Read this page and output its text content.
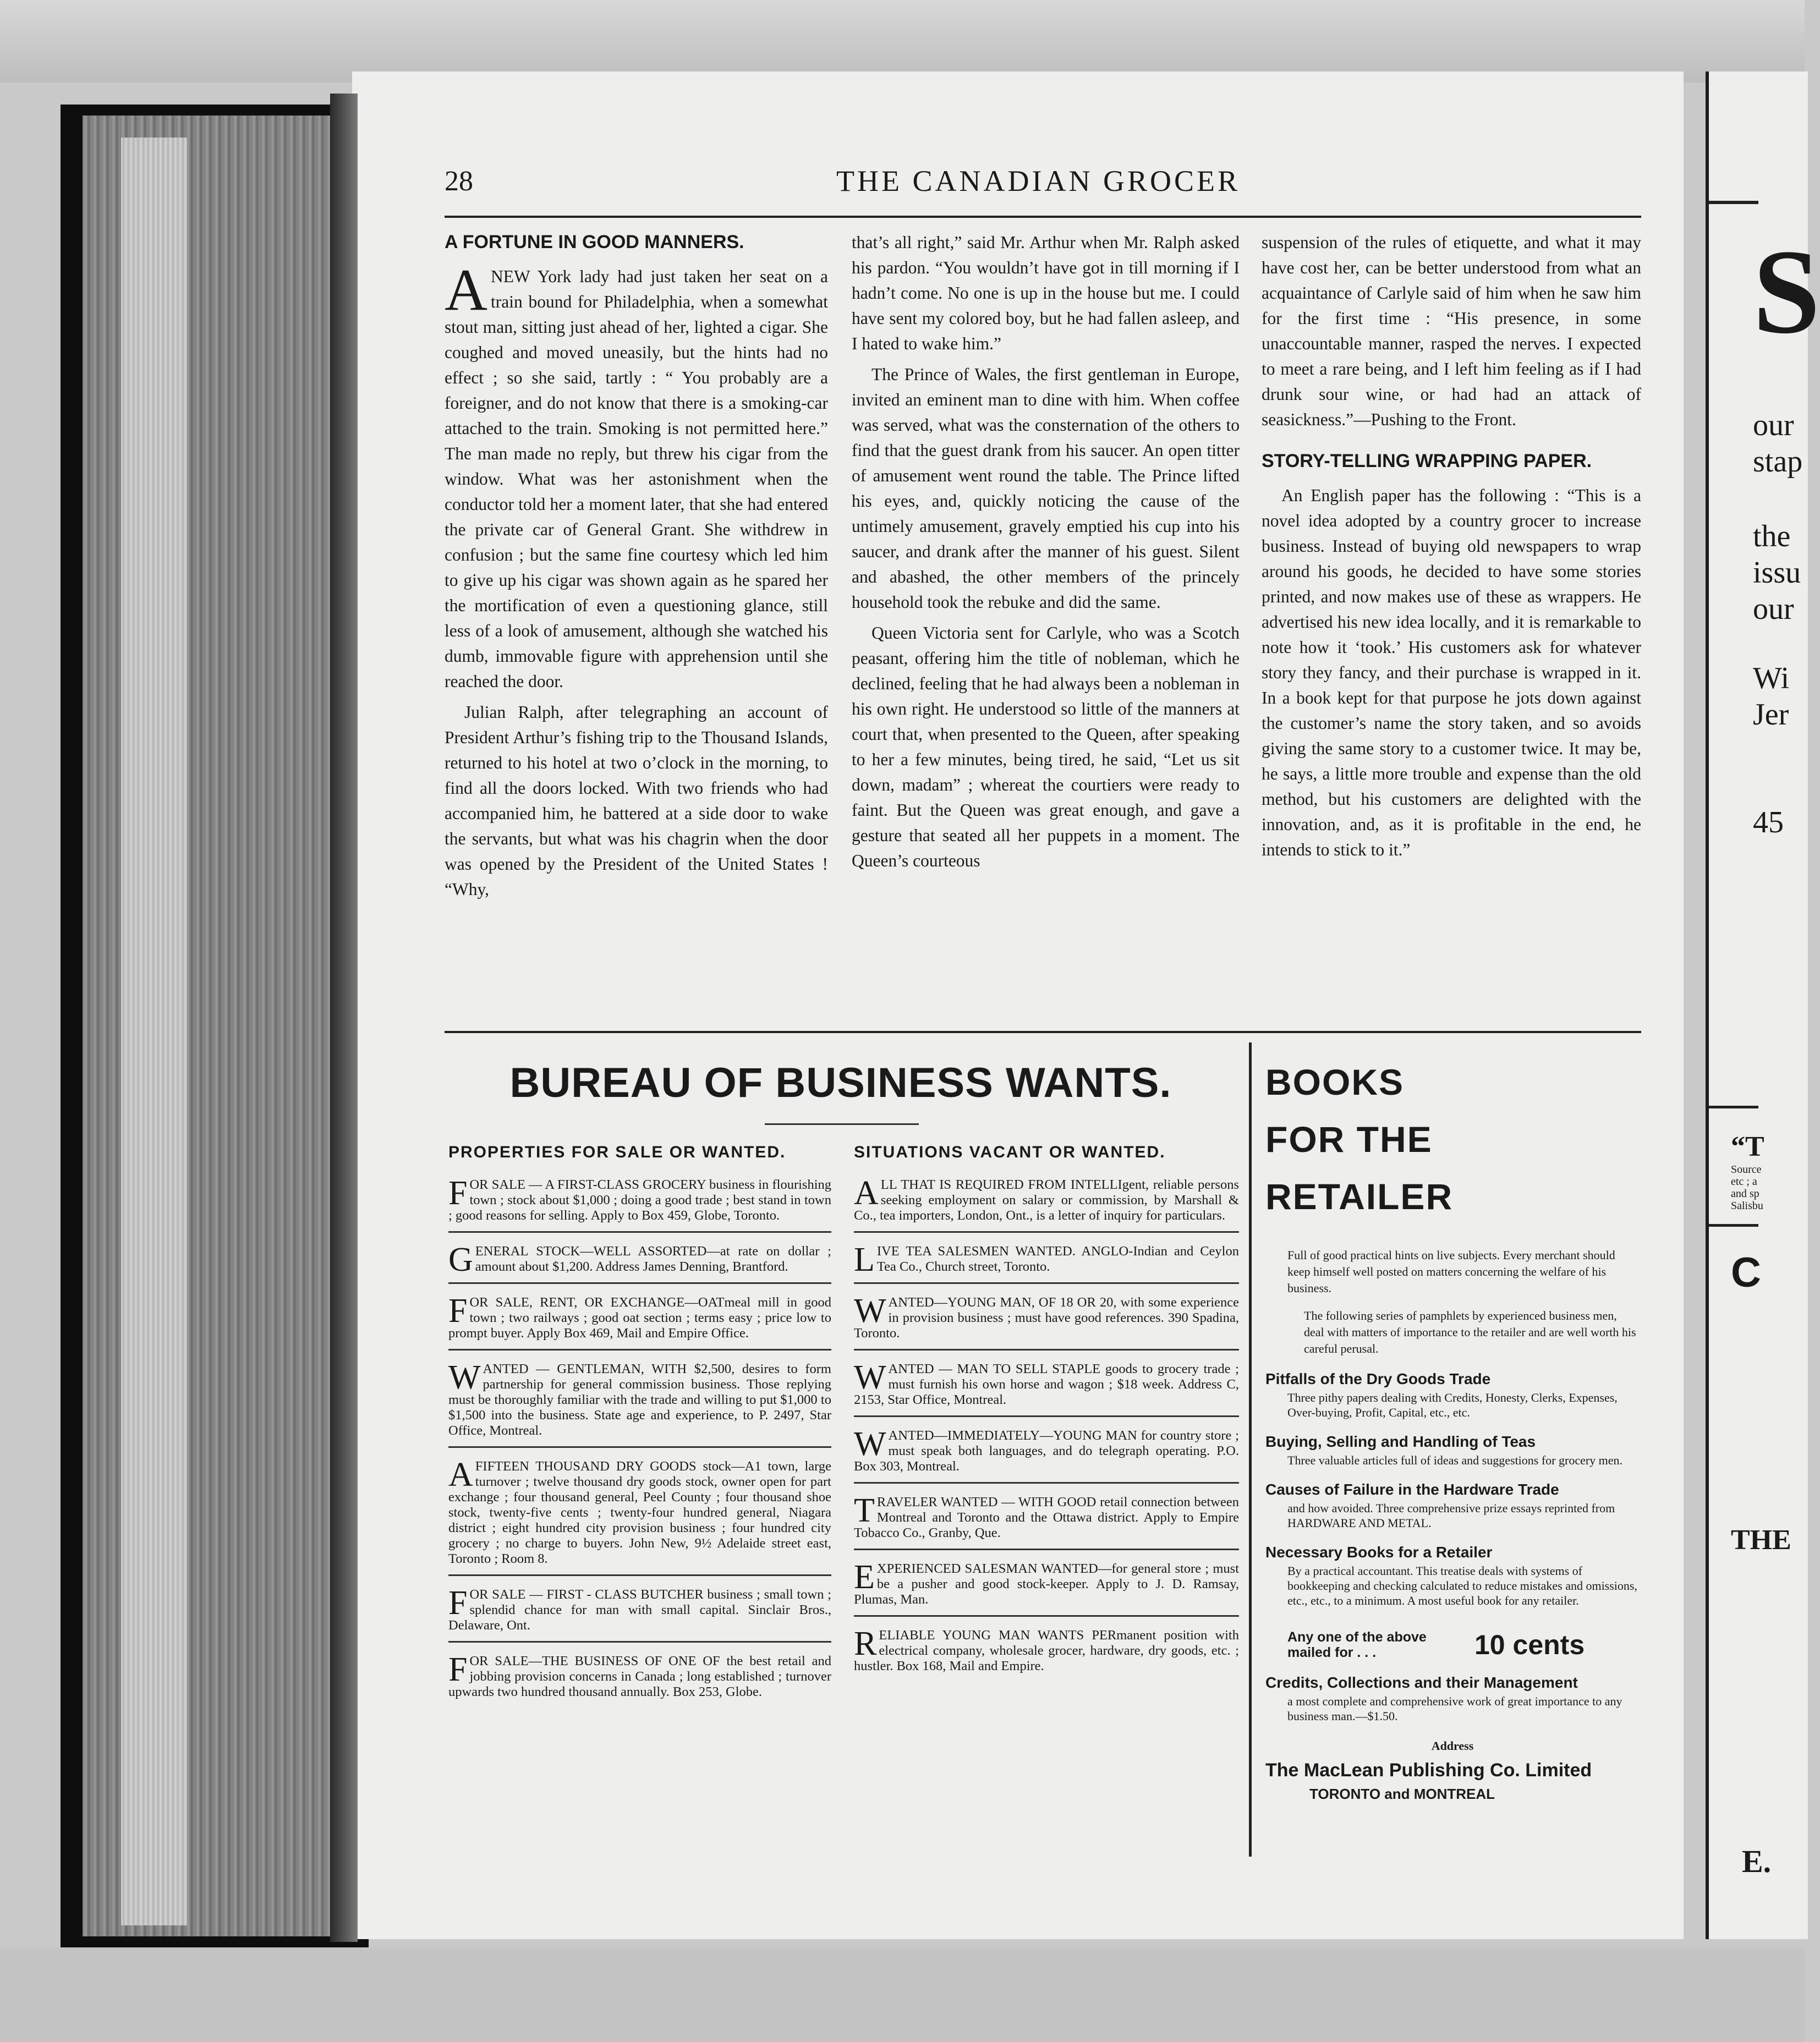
28	THE CANADIAN GROCER
A FORTUNE IN GOOD MANNERS.

ANEW York lady had just taken her seat on a train bound for Philadelphia, when a somewhat stout man, sitting just ahead of her, lighted a cigar. She coughed and moved uneasily, but the hints had no effect ; so she said, tartly : “ You probably are a foreigner, and do not know that there is a smoking-car attached to the train. Smoking is not permitted here.” The man made no reply, but threw his cigar from the window. What was her astonishment when the conductor told her a moment later, that she had entered the private car of General Grant. She withdrew in confusion ; but the same fine courtesy which led him to give up his cigar was shown again as he spared her the mortification of even a questioning glance, still less of a look of amusement, although she watched his dumb, immovable figure with apprehension until she reached the door.

Julian Ralph, after telegraphing an account of President Arthur’s fishing trip to the Thousand Islands, returned to his hotel at two o’clock in the morning, to find all the doors locked. With two friends who had accompanied him, he battered at a side door to wake the servants, but what was his chagrin when the door was opened by the President of the United States ! “Why,

that’s all right,” said Mr. Arthur when Mr. Ralph asked his pardon. “You wouldn’t have got in till morning if I hadn’t come. No one is up in the house but me. I could have sent my colored boy, but he had fallen asleep, and I hated to wake him.”

The Prince of Wales, the first gentleman in Europe, invited an eminent man to dine with him. When coffee was served, what was the consternation of the others to find that the guest drank from his saucer. An open titter of amusement went round the table. The Prince lifted his eyes, and, quickly noticing the cause of the untimely amusement, gravely emptied his cup into his saucer, and drank after the manner of his guest. Silent and abashed, the other members of the princely household took the rebuke and did the same.

Queen Victoria sent for Carlyle, who was a Scotch peasant, offering him the title of nobleman, which he declined, feeling that he had always been a nobleman in his own right. He understood so little of the manners at court that, when presented to the Queen, after speaking to her a few minutes, being tired, he said, “Let us sit down, madam” ; whereat the courtiers were ready to faint. But the Queen was great enough, and gave a gesture that seated all her puppets in a moment. The Queen’s courteous

suspension of the rules of etiquette, and what it may have cost her, can be better understood from what an acquaintance of Carlyle said of him when he saw him for the first time : “His presence, in some unaccountable manner, rasped the nerves. I expected to meet a rare being, and I left him feeling as if I had drunk sour wine, or had had an attack of seasickness.”—Pushing to the Front.

STORY-TELLING WRAPPING PAPER.

An English paper has the following : “This is a novel idea adopted by a country grocer to increase business. Instead of buying old newspapers to wrap around his goods, he decided to have some stories printed, and now makes use of these as wrappers. He advertised his new idea locally, and it is remarkable to note how it ‘took.’ His customers ask for whatever story they fancy, and their purchase is wrapped in it. In a book kept for that purpose he jots down against the customer’s name the story taken, and so avoids giving the same story to a customer twice. It may be, he says, a little more trouble and expense than the old method, but his customers are delighted with the innovation, and, as it is profitable in the end, he intends to stick to it.”

BUREAU OF BUSINESS WANTS.
PROPERTIES FOR SALE OR WANTED.
FOR SALE — A FIRST-CLASS GROCERY business in flourishing town ; stock about $1,000 ; doing a good trade ; best stand in town ; good reasons for selling. Apply to Box 459, Globe, Toronto.
GENERAL STOCK—WELL ASSORTED—at rate on dollar ; amount about $1,200. Address James Denning, Brantford.
FOR SALE, RENT, OR EXCHANGE—OATmeal mill in good town ; two railways ; good oat section ; terms easy ; price low to prompt buyer. Apply Box 469, Mail and Empire Office.
WANTED — GENTLEMAN, WITH $2,500, desires to form partnership for general commission business. Those replying must be thoroughly familiar with the trade and willing to put $1,000 to $1,500 into the business. State age and experience, to P. 2497, Star Office, Montreal.
AFIFTEEN THOUSAND DRY GOODS stock—A1 town, large turnover ; twelve thousand dry goods stock, owner open for part exchange ; four thousand general, Peel County ; four thousand shoe stock, twenty-five cents ; twenty-four hundred general, Niagara district ; eight hundred city provision business ; four hundred city grocery ; no charge to buyers. John New, 9½ Adelaide street east, Toronto ; Room 8.
FOR SALE — FIRST - CLASS BUTCHER business ; small town ; splendid chance for man with small capital. Sinclair Bros., Delaware, Ont.
FOR SALE—THE BUSINESS OF ONE OF the best retail and jobbing provision concerns in Canada ; long established ; turnover upwards two hundred thousand annually. Box 253, Globe.
SITUATIONS VACANT OR WANTED.
ALL THAT IS REQUIRED FROM INTELLIgent, reliable persons seeking employment on salary or commission, by Marshall & Co., tea importers, London, Ont., is a letter of inquiry for particulars.
LIVE TEA SALESMEN WANTED. ANGLO-Indian and Ceylon Tea Co., Church street, Toronto.
WANTED—YOUNG MAN, OF 18 OR 20, with some experience in provision business ; must have good references. 390 Spadina, Toronto.
WANTED — MAN TO SELL STAPLE goods to grocery trade ; must furnish his own horse and wagon ; $18 week. Address C, 2153, Star Office, Montreal.
WANTED—IMMEDIATELY—YOUNG MAN for country store ; must speak both languages, and do telegraph operating. P.O. Box 303, Montreal.
TRAVELER WANTED — WITH GOOD retail connection between Montreal and Toronto and the Ottawa district. Apply to Empire Tobacco Co., Granby, Que.
EXPERIENCED SALESMAN WANTED—for general store ; must be a pusher and good stock-keeper. Apply to J. D. Ramsay, Plumas, Man.
RELIABLE YOUNG MAN WANTS PERmanent position with electrical company, wholesale grocer, hardware, dry goods, etc. ; hustler. Box 168, Mail and Empire.
BOOKS
FOR THE
RETAILER

Full of good practical hints on live subjects. Every merchant should keep himself well posted on matters concerning the welfare of his business.

The following series of pamphlets by experienced business men, deal with matters of importance to the retailer and are well worth his careful perusal.

Pitfalls of the Dry Goods Trade

Three pithy papers dealing with Credits, Honesty, Clerks, Expenses, Over-buying, Profit, Capital, etc., etc.

Buying, Selling and Handling of Teas

Three valuable articles full of ideas and suggestions for grocery men.

Causes of Failure in the Hardware Trade

and how avoided. Three comprehensive prize essays reprinted from HARDWARE AND METAL.

Necessary Books for a Retailer

By a practical accountant. This treatise deals with systems of bookkeeping and checking calculated to reduce mistakes and omissions, etc., etc., to a minimum. A most useful book for any retailer.

Any one of the above mailed for . . .	10 cents
Credits, Collections and their Management

a most complete and comprehensive work of great importance to any business man.—$1.50.

Address
The MacLean Publishing Co. Limited
TORONTO and MONTREAL
S
our
stap
the
issu
our
Wi
Jer
45
“T
Source
etc ; a
and sp
Salisbu
C
THE
E.
